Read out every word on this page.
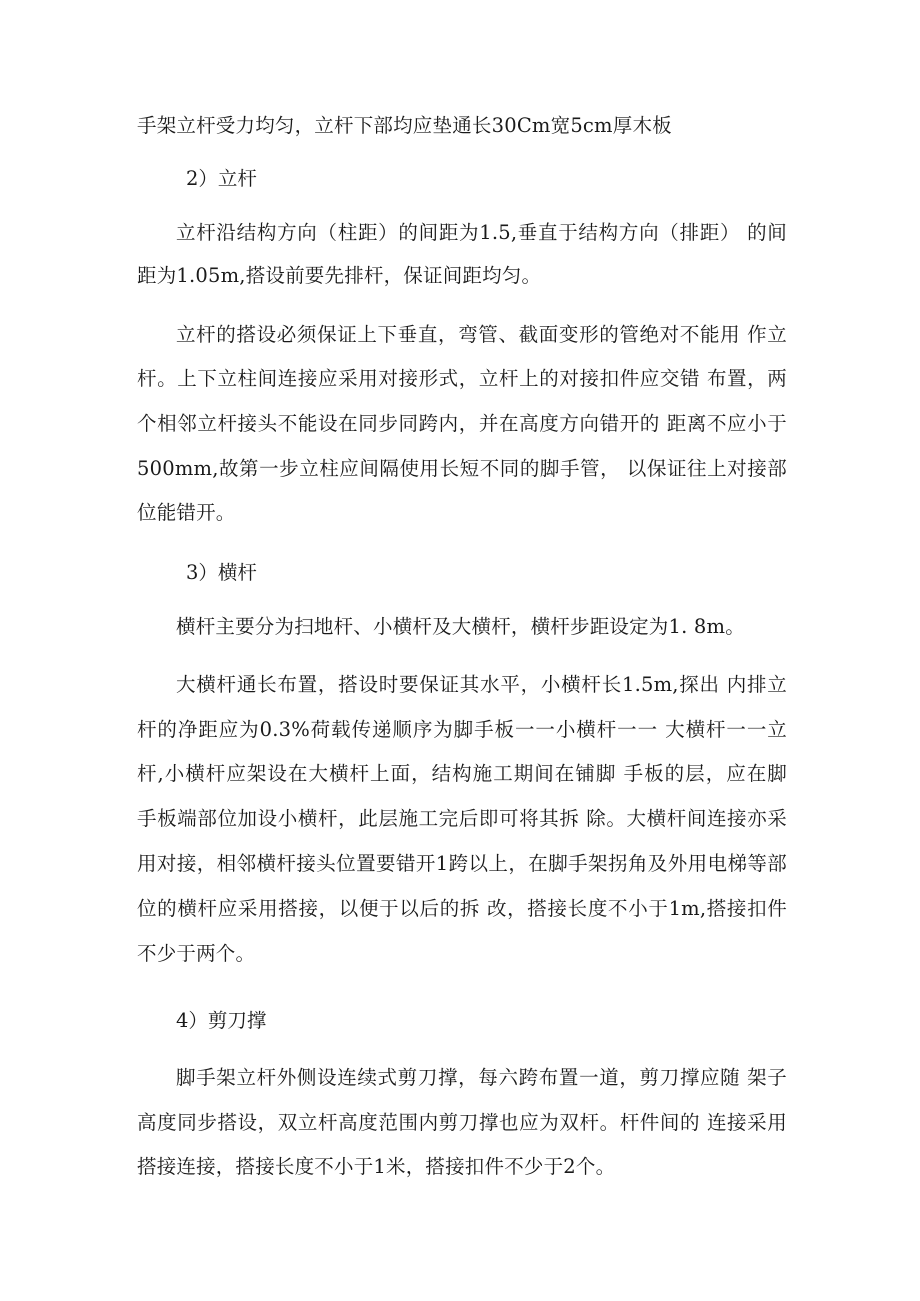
手架立杆受力均匀，立杆下部均应垫通长30Cm宽5cm厚木板
2）立杆
立杆沿结构方向（柱距）的间距为1.5,垂直于结构方向（排距） 的间
距为1.05m,搭设前要先排杆，保证间距均匀。
立杆的搭设必须保证上下垂直，弯管、截面变形的管绝对不能用 作立
杆。上下立柱间连接应采用对接形式，立杆上的对接扣件应交错 布置，两
个相邻立杆接头不能设在同步同跨内，并在高度方向错开的 距离不应小于
500mm,故第一步立柱应间隔使用长短不同的脚手管， 以保证往上对接部
位能错开。
3）横杆
横杆主要分为扫地杆、小横杆及大横杆，横杆步距设定为1. 8m。
大横杆通长布置，搭设时要保证其水平，小横杆长1.5m,探出 内排立
杆的净距应为0.3%荷载传递顺序为脚手板一一小横杆一一 大横杆一一立
杆,小横杆应架设在大横杆上面，结构施工期间在铺脚 手板的层，应在脚
手板端部位加设小横杆，此层施工完后即可将其拆 除。大横杆间连接亦采
用对接，相邻横杆接头位置要错开1跨以上，在脚手架拐角及外用电梯等部
位的横杆应采用搭接，以便于以后的拆 改，搭接长度不小于1m,搭接扣件
不少于两个。
4）剪刀撑
脚手架立杆外侧设连续式剪刀撑，每六跨布置一道，剪刀撑应随 架子
高度同步搭设，双立杆高度范围内剪刀撑也应为双杆。杆件间的 连接采用
搭接连接，搭接长度不小于1米，搭接扣件不少于2个。
